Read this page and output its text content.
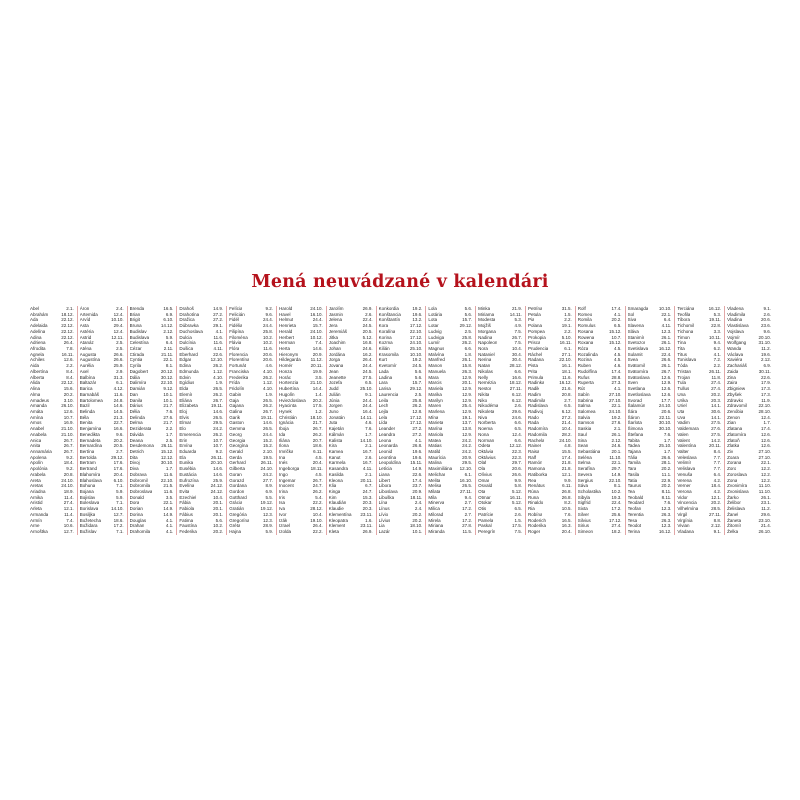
Mená neuvádzané v kalendári
Abel	2.1.
Abrahám	18.12.
Ada	22.12.
Adelaida	22.12.
Adelína	22.12.
Adina	22.12.
Adriena	26.4.
Afrodita	7.8.
Agnela	16.11.
Achiles	12.6.
Aida	2.2.
Albertína	8.4.
Alberta	8.4.
Alida	22.12.
Alina	15.6.
Alma	20.2.
Amadeus	3.10.
Amanda	26.10.
Amáta	12.6.
Amína	10.7.
Amos	16.9.
Anabel	21.10.
Anabela	21.10.
Anica	26.7.
Anita	26.7.
Annamária	26.7.
Apolena	9.2.
Apolín	18.4.
Apolónia	9.2.
Arabela	20.8.
Areta	24.10.
Aretas	24.10.
Ariadna	18.9.
Arnika	11.4.
Aristid	27.4.
Arleta	12.1.
Armanda	11.4.
Armín	7.4.
Arne	10.6.
Arnoštka	12.7.
Áron	2.4.
Artemida	12.4.
Arvíd	10.10.
Asta	29.4.
Astéria	12.4.
Astrid	12.11.
Atanáz	2.5.
Aténa	2.5.
Augusta	26.6.
Augustína	26.6.
Aurélia	25.9.
Axel	2.9.
Balbína	31.3.
Baltazár	6.1.
Barica	4.12.
Barnabáš	11.6.
Bartolomea 24.8.
Bazil	14.6.
Belinda	14.5.
Béla	21.3.
Benita	22.7.
Benjamína	16.6.
Benedikta	9.6.
Bernadeta	20.2.
Bernardína	20.5.
Bertína	2.7.
Bertolda	29.12.
Bertram	17.6.
Bertrand	17.6.
Blahomíra	20.4.
Blahoslava	6.10.
Bohuna	7.1.
Bojana	5.9.
Bojislav	5.9.
Boleslava	7.1.
Borislava	14.10.
Bosiljka	12.7.
Božetecha	18.6.
Božidara	17.2.
Božislav	7.1.
Brenda	16.5.
Brian	6.9.
Brigit	6.10.
Bruna	14.12.
Budislav	2.12.
Budislava	5.9.
Celestína	6.4.
Cézar	2.11.
Ctirada	21.11.
Cyntia	22.1.
Cyrila	8.1.
Dagobert	20.12.
Dália	30.12.
Dalimíra	22.10.
Damián	9.12.
Dan	10.1.
Danila	10.1.
Dárius	21.7.
Délia	7.6.
Delinda	27.6.
Delma	21.7.
Deziderata	2.2.
Dávida	1.7.
Deana	2.5.
Desdemona 26.11.
Detrich	15.12.
Dita	12.12.
Divoj	30.10.
Diva	1.7.
Dobrava	11.6.
Dobromil	22.10.
Dobromila	21.5.
Dobroslava	11.6.
Donald	3.5.
Dora	22.1.
Dorian	14.9.
Dorina	14.9.
Douglas	4.1.
Drahan	4.1.
Drahomila	4.1.
Drahoš	14.9.
Drahotína	27.2.
Dražica	27.2.
Dúbravka	29.1.
Duchoslava	4.1.
Dulcia	11.6.
Dulcínia	11.6.
Dušica	4.11.
Eberhard	22.6.
Edgar	12.10.
Edina	26.2.
Edmunda	1.12.
Edvin	4.10.
Egídius	1.9.
Elda	26.5.
Elemír	26.2.
Eliána	26.7.
Elizabeta	19.11.
Eloj	14.6.
Elvis	26.5.
Elmar	29.5.
Elo	24.2.
Emerencia	26.2.
Erin	10.7.
Ervína	10.7.
Eduarda	9.2.
Ela	26.11.
Eunika	20.10.
Eusébia	14.6.
Eustácia	14.6.
Eufrozína	25.9.
Evelína	24.12.
Evita	24.12.
Ezechiel	10.4.
Fábia	20.1.
Fabiola	20.1.
Fábius	20.1.
Fatima	5.6.
Faustína	10.2.
Federika	20.2.
Felícia	9.2.
Felicián	9.6.
Fidél	24.4.
Fidélia	24.4.
Filipína	25.8.
Filoména	10.2.
Flávia	10.2.
Flóra	11.6.
Florencia	20.6.
Florentína	20.6.
Fortunát	4.6.
Franciska	4.10.
Frederika	26.2.
Frída	1.12.
Fridolín	4.10.
Gabin	1.9.
Gaja	26.5.
Gajana	26.2.
Galina	26.7.
Garik	19.11.
Gaston	14.6.
Gemma	26.5.
Georg	24.4.
Georgia	15.2.
Georgína	15.2.
Gerald	2.10.
Gerda	19.5.
Gerhard	26.11.
Gilberta	24.10.
Goran	24.2.
Gorazd	27.7.
Gordana	8.9.
Gordon	6.9.
Gotthard	5.5.
Grácia	19.12.
Gratián	19.12.
Gregória	12.3.
Gregorína	12.3.
Gréta	28.9.
Hajna	5.9.
Harold	24.10.
Havel	16.10.
Helmut	24.4.
Henrieta	15.7.
Herald	24.10.
Herbert	10.12.
Herman	7.4.
Herta	14.6.
Hieronym	20.9.
Hildegarda 11.12.
Homér	20.11.
Honza	19.9.
Horác	3.5.
Hortenzia	21.10.
Hubertína	14.4.
Hugolín	1.4.
Hviezdoslava 20.2.
Hyacinta	17.5.
Hynek	1.2.
Christián	18.10.
Ignácia	21.7.
Iboja	26.7.
Ida	26.2.
Iliána	20.7.
Ilona	18.6.
Imrička	6.11.
Ina	4.5.
Inés	20.4.
Ingeborga	18.11.
Ingo	4.5.
Ingemar	26.7.
Inocent	24.7.
Irina	26.2.
Iris	5.4.
Isa	22.2.
Iva	28.12.
Ivor	10.4.
Izák	19.10.
Izrael	26.4.
Izolda	22.2.
Jarolím	26.9.
Jasmin	2.6.
Jelena	22.4.
Jera	24.5.
Jeremiáš	20.5.
Jitka	5.12.
Joachim	16.8.
Johan	24.6.
Jordána	16.2.
Jorga	26.4.
Jovana	24.4.
Jean	24.5.
Jeanette	27.5.
Jozefa	6.5.
Judd	25.10.
Julián	9.1.
Júnia	24.4.
Jorgen	24.4.
Juno	16.4.
Jonatán	14.11.
Juta	4.6.
Kajetán	7.6.
Kálmán	1.7.
Kalista	14.10.
Kira	2.1.
Kamea	16.7.
Kanut	2.6.
Karmela	16.7.
Kasandra	4.11.
Kasilda	2.1.
Kleona	20.11.
Klia	6.7.
Kinga	24.7.
Kim	15.3.
Klaudián	20.3.
Klaudie	20.3.
Klementína 23.11.
Kleopatra	1.6.
Klement	23.11.
Kleta	26.9.
Konkordia	19.2.
Konštancia	19.6.
Konštantín	13.2.
Kora	17.12.
Koralína	22.10.
Korina	17.12.
Kozma	24.10.
Kilián	25.10.
Krasomila	10.10.
Kurt	19.2.
Kvetomír	24.5.
Lada	5.6.
Ladina	5.6.
Lara	15.7.
Larisa	29.12.
Laurencia	2.5.
Leila	25.8.
Lech	26.2.
Lejla	12.8.
Lela	17.12.
Lída	17.12.
Leander	27.2.
Leandra	27.2.
Leona	4.1.
Leonarda	26.8.
Leonid	19.6.
Leontína	19.6.
Leopoldína 15.11.
Letícia	14.9.
Liana	22.6.
Libert	17.4.
Libora	23.7.
Liboslava	20.9.
Libuška	18.11.
Lína	2.4.
Línus	2.4.
Lívio	20.2.
Lívius	20.2.
Lia	18.10.
Lazár	10.1.
Lola	5.6.
Lotária	5.6.
Lota	15.7.
Lotar	29.12.
Ludvig	2.5.
Ludviga	25.8.
Lumír	26.2.
Magnus	6.6.
Malvína	1.8.
Manfred	26.1.
Manon	15.8.
Manuela	26.3.
Mara	12.9.
Marcis	20.1.
Mariela	12.9.
Marika	12.9.
Marilyn	12.9.
Maren	25.4.
Marlena	12.9.
Mína	19.1.
Marieta	13.7.
Marína	13.8.
Mariola	12.9.
Matea	24.2.
Matias	24.2.
Matild	24.2.
Maurícia	20.9.
Malina	29.5.
Maximiliána 12.10.
Melichar	6.1.
Melita	16.10.
Melisa	26.5.
Milata	27.11.
Mila	9.4.
Minerva	2.7.
Milica	17.2.
Milorad	2.7.
Mirela	17.2.
Miriana	27.8.
Miranda	11.5.
Minka	21.9.
Miriama	14.11.
Modesta	5.3.
Mojžiš	4.9.
Morgana	7.5.
Nadina	26.7.
Napoleon	7.5.
Nora	10.4.
Nataniel	30.4.
Nerina	30.4.
Natan	28.12.
Nikolas	6.6.
Nelly	16.6.
Nemézia	18.12.
Nestor	27.11.
Nikita	6.12.
Niko	6.12.
Nikodéma	2.6.
Nikoleta	29.6.
Niva	24.6.
Norberta	6.6.
Noema	6.5.
Nona	12.4.
Norman	6.6.
Odeta	12.12.
Oktávia	22.3.
Oktávius	22.3.
Olaf	29.7.
Ola	20.6.
Olívius	26.6.
Omar	9.9.
Osvald	5.8.
Ota	5.12.
Otmar	16.11.
Otokar	5.12.
Otis	6.5.
Patrície	2.6.
Pamela	1.5.
Paskal	17.5.
Peregrín	7.5.
Petrína	31.5.
Petula	1.5.
Pia	2.2.
Polana	19.1.
Pompea	2.2.
Prokopia	5.10.
Prisca	16.11.
Prudencia	6.1.
Ráchel	27.1.
Radana	22.10.
Pista	16.1.
Prita	18.1.
Primula	11.6.
Radinka	16.12.
Radik	21.6.
Radim	20.8.
Radimila	2.7.
Radislava	6.5.
Radivoj	6.12.
Rado	27.2.
Rada	21.4.
Radomíra	10.4.
Radomila	28.2.
Rachela	24.10.
Rainer	4.8.
Raisa	15.5.
Ralf	17.4.
Ramón	21.8.
Ramona	21.8.
Ratiborka	12.1.
Rea	9.9.
Renátus	6.11.
Rúna	26.8.
Runa	26.8.
Rinaldo	8.2.
Ria	10.5.
Robína	7.6.
Roderich	16.5.
Roderika	16.3.
Roger	20.4.
Rolf	17.4.
Romeo	4.1.
Romila	20.2.
Romulus	6.5.
Rosana	15.12.
Rowena	10.7.
Roxana	15.12.
Róza	4.5.
Rozalinda	4.5.
Rozina	4.5.
Ruben	4.6.
Rudolfína	17.4.
Rufus	28.8.
Ruperta	27.3.
Rút	4.1.
Sabín	27.10.
Sabrina	27.10.
Salma	22.1.
Salomea	24.10.
Salvia	19.2.
Samson	27.6.
Saskia	2.1.
Saul	26.1.
Sina	2.12.
Sean	24.6.
Sebastiána	20.1.
Seléna	11.10.
Selma	22.1.
Serafína	29.7.
Severa	14.9.
Sergius	22.10.
Sáva	8.1.
Scholastika 10.2.
Sibyla	19.3.
Sigfrid	22.4.
Sixta	17.2.
Silver	25.6.
Silvius	17.12.
Sirius	27.4.
Simeon	18.2.
Smaragda 10.10.
Sol	22.1.
Siva	6.4.
Slavena	4.11.
Sláva	12.3.
Stanimír	26.1.
Svetozor	26.1.
Svetislava 16.12.
Sulamit	22.4.
Svea	26.6.
Svätomil	26.1.
Svätomíra	26.7.
Svätoslava	12.6.
Sven	12.9.
Svetlana	12.6.
Svetloslava 12.6.
Svorad	17.7.
Šalamún	24.10.
Šára	20.6.
Šáron	22.11.
Šarlota	30.10.
Šimona	30.10.
Štefana	7.6.
Tabita	1.7.
Tadea	25.10.
Tajana	1.7.
Tália	26.6.
Tamila	28.1.
Tara	20.2.
Tasila	11.1.
Tatia	22.9.
Taurus	20.2.
Tea	8.11.
Teobald	8.11.
Teodard	7.6.
Teofan	12.3.
Terentia	26.3.
Tesa	26.3.
Teodot	12.3.
Terina	16.12.
Terciána	16.12.
Teofila	5.3.
Tibora	19.11.
Tichomil	22.8.
Tichona	3.3.
Timon	10.11.
Tina	9.4.
Tita	6.2.
Titus	4.1.
Tonislava	7.2.
Tóda	2.2.
Tristan	26.11.
Trojan	11.8.
Tula	27.4.
Tullus	27.4.
Una	20.2.
Urika	20.3.
Uriel	14.1.
Uta	30.6.
Uva	14.1.
Vadim	27.5.
Valdemara	27.6.
Valen	27.5.
Valent	14.2.
Valentína	20.11.
Valter	8.4.
Veleslava	7.7.
Velimír	7.7.
Velislava	7.7.
Venuša	6.4.
Verena	4.2.
Verner	18.4.
Verona	4.2.
Vidor	12.1.
Vincencia	20.2.
Vilhelmína	28.5.
Virgil	27.11.
Virgínia	8.8.
Vivian	2.12.
Vladana	9.1.
Vladena	9.1.
Vladimila	2.6.
Vladina	20.6.
Vlastislava	23.6.
Vojslava	9.6.
Vojmír	20.10.
Wolfgang	31.10.
Wanda	11.2.
Václava	19.6.
Xaviéra	2.12.
Zachariáš	6.9.
Zaida	30.11.
Zina	22.6.
Zaira	17.9.
Zbigniew	17.3.
Zbyšek	17.3.
Zdravko	11.9.
Zdravomil	22.10.
Zenóbia	28.10.
Zenon	12.4.
Zian	1.7.
Zlatana	17.4.
Zlatomíra	12.6.
Zlatoň	12.6.
Zlatka	12.6.
Ziv	27.10.
Zoara	27.10.
Zorana	22.1.
Zoro	12.2.
Zoroslava	12.2.
Zona	12.2.
Zvonimíra	11.10.
Zvonislava 11.10.
Žarko	26.1.
Želibor	23.1.
Želislava	11.2.
Žanel	29.6.
Žaneta	23.10.
Žitomír	21.4.
Želka	26.10.
